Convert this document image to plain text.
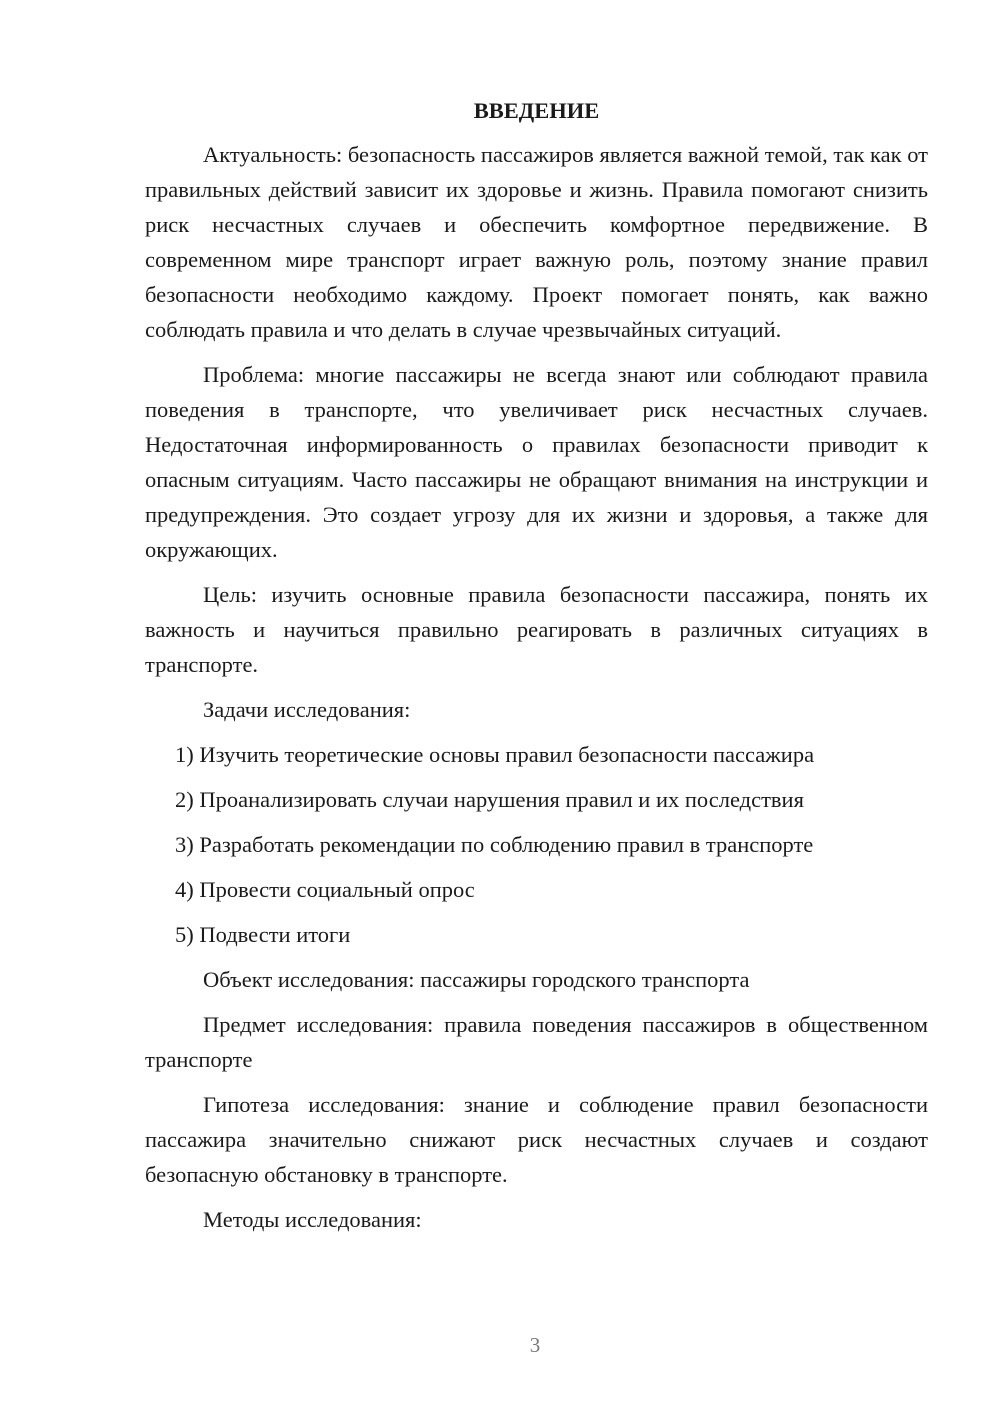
ВВЕДЕНИЕ

Актуальность: безопасность пассажиров является важной темой, так как от правильных действий зависит их здоровье и жизнь. Правила помогают снизить риск несчастных случаев и обеспечить комфортное передвижение. В современном мире транспорт играет важную роль, поэтому знание правил безопасности необходимо каждому. Проект помогает понять, как важно соблюдать правила и что делать в случае чрезвычайных ситуаций.

Проблема: многие пассажиры не всегда знают или соблюдают правила поведения в транспорте, что увеличивает риск несчастных случаев. Недостаточная информированность о правилах безопасности приводит к опасным ситуациям. Часто пассажиры не обращают внимания на инструкции и предупреждения. Это создает угрозу для их жизни и здоровья, а также для окружающих.

Цель: изучить основные правила безопасности пассажира, понять их важность и научиться правильно реагировать в различных ситуациях в транспорте.

Задачи исследования:

1) Изучить теоретические основы правил безопасности пассажира
2) Проанализировать случаи нарушения правил и их последствия
3) Разработать рекомендации по соблюдению правил в транспорте
4) Провести социальный опрос
5) Подвести итоги

Объект исследования: пассажиры городского транспорта

Предмет исследования: правила поведения пассажиров в общественном транспорте

Гипотеза исследования: знание и соблюдение правил безопасности пассажира значительно снижают риск несчастных случаев и создают безопасную обстановку в транспорте.

Методы исследования:

3
